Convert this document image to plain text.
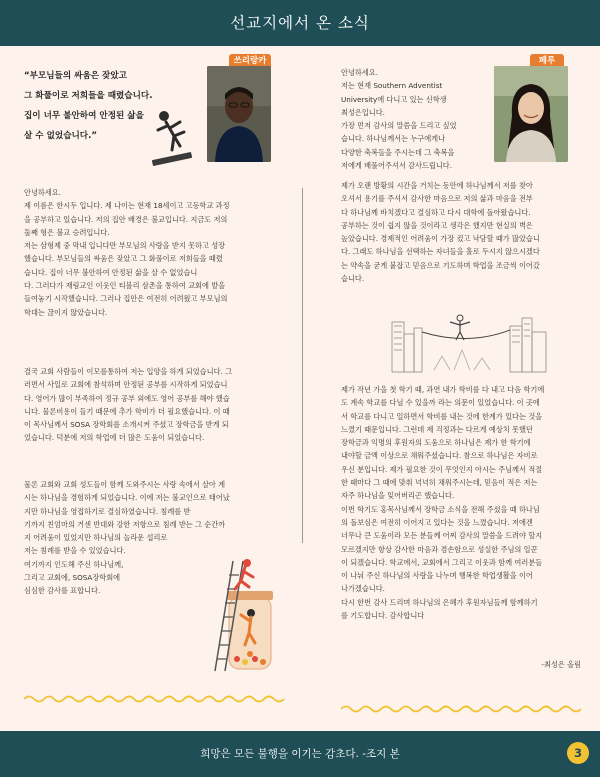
선교지에서 온 소식
“부모님들의 싸움은 잦았고
그 화풀이로 저희들을 때렸습니다.
집이 너무 불안하여 안정된 삶을
살 수 없었습니다.”
쓰리랑카
안녕하세요.
제 이름은 한시두 입니다. 제 나이는 현재 18세이고 고등학교 과정
을 공부하고 있습니다. 저의 집안 배경은 불교입니다. 지금도 저의
둘째 형은 불교 승려입니다.
저는 삼형제 중 막내 입니다만 부모님의 사랑을 받지 못하고 성장
했습니다. 부모님들의 싸움은 잦았고 그 화풀이로 저희들을 때렸
습니다. 집이 너무 불안하여 안정된 삶을 살 수 없었습니
다. 그러다가 재림교인 이웃인 티블리 삼촌을 통하여 교회에 발을
들여놓기 시작했습니다. 그러나 집안은 여전히 어려웠고 부모님의
학대는 끊이지 않았습니다.
결국 교회 사람들이 이모를통하여 저는 입양을 하게 되었습니다. 그
러면서 사일로 교회에 참석하며 안정된 공부를 시작하게 되었습니
다. 영어가 많이 부족하여 정규 공부 외에도 영어 공부를 해야 했습
니다. 물론비용이 들기 때문에 추가 학비가 더 필요했습니다. 이 때
이 목사님께서 SOSA 장학회를 소개시켜 주셨고 장학금을 받게 되
었습니다. 덕분에 저의 학업에 더 많은 도움이 되었습니다.
물론 교회와 교회 성도들이 함께 도와주시는 사랑 속에서 살아 계
시는 하나님을 경험하게 되었습니다. 이에 저는 불교인으로 태어났
지만 하나님을 영접하기로 결심하였습니다. 침례를 받
기까지 친엄마의 거센 반대와 강한 저항으로 침례 받는 그 순간까
지 어려움이 있었지만 하나님의 놀라운 섭리로
저는 침례를 받을 수 있었습니다.
여기까지 인도해 주신 하나님께,
그리고 교회에, SOSA장학회에
심심한 감사를 표합니다.
안녕하세요.
저는 현재 Southern Adventist
University에 다니고 있는 신학생
최성은입니다.
가장 먼저 감사의 말씀을 드리고 싶었
습니다. 하나님께서는 누구에게나
다양한 축복들을 주시는데 그 축복을
저에게 배풀어주셔서 감사드립니다.
페루
제가 오랜 방황의 시간을 거치는 동안에 하나님께서 저를 찾아
오셔서 용기를 주셔서 감사한 마음으로 저의 삶과 마음을 전부
다 하나님께 바치겠다고 결심하고 다시 대학에 돌아왔습니다.
공부하는 것이 쉽지 않을 것이라고 생각은 했지만 현실의 벽은
높았습니다. 경제적인 어려움이 가장 컸고 낙담할 때가 많았습니
다. 그래도 하나님을 선택하는 자녀들을 홀로 두시지 않으시겠다
는 약속을 굳게 붙잡고 믿음으로 기도하며 학업을 조금씩 이어갔
습니다.
제가 작년 가을 첫 학기 때, 과연 내가 학비를 다 내고 다음 학기에
도 계속 학교를 다닐 수 있을까 라는 의문이 있었습니다. 이 곳에
서 학교를 다니고 일하면서 학비를 내는 것에 한계가 있다는 것을
느꼈기 때문입니다. 그런데 제 걱정과는 다르게 예상치 못했던
장학금과 익명의 후원자의 도움으로 하나님은 제가 한 학기에
내야할 금액 이상으로 채워주셨습니다. 참으로 하나님은 자비로
우신 분입니다. 제가 필요한 것이 무엇인지 아시는 주님께서 적절
한 때마다 그 때에 맞춰 넉넉히 채워주시는데, 믿음이 적은 저는
자주 하나님을 잊어버리곤 했습니다.
이번 학기도 홍목사님께서 장학금 소식을 전해 주셨을 때 하나님
의 돌보심은 여전히 이어지고 있다는 것을 느꼈습니다. 저에겐
너무나 큰 도움이라 모든 분들께 어찌 감사의 말씀을 드려야 할지
모르겠지만 항상 감사한 마음과 겸손함으로 성실한 주님의 일꾼
이 되겠습니다. 학교에서, 교회에서 그리고 이웃과 함께 여러분들
이 나눠 주신 하나님의 사랑을 나누며 행복한 학업생활을 이어
나가겠습니다.
다시 한번 감사 드리며 하나님의 은혜가 후원자님들께 함께하기
를 기도합니다. 감사합니다
-최성은 올림
희망은 모든 불행을 이기는 감초다. -조지 본	3
